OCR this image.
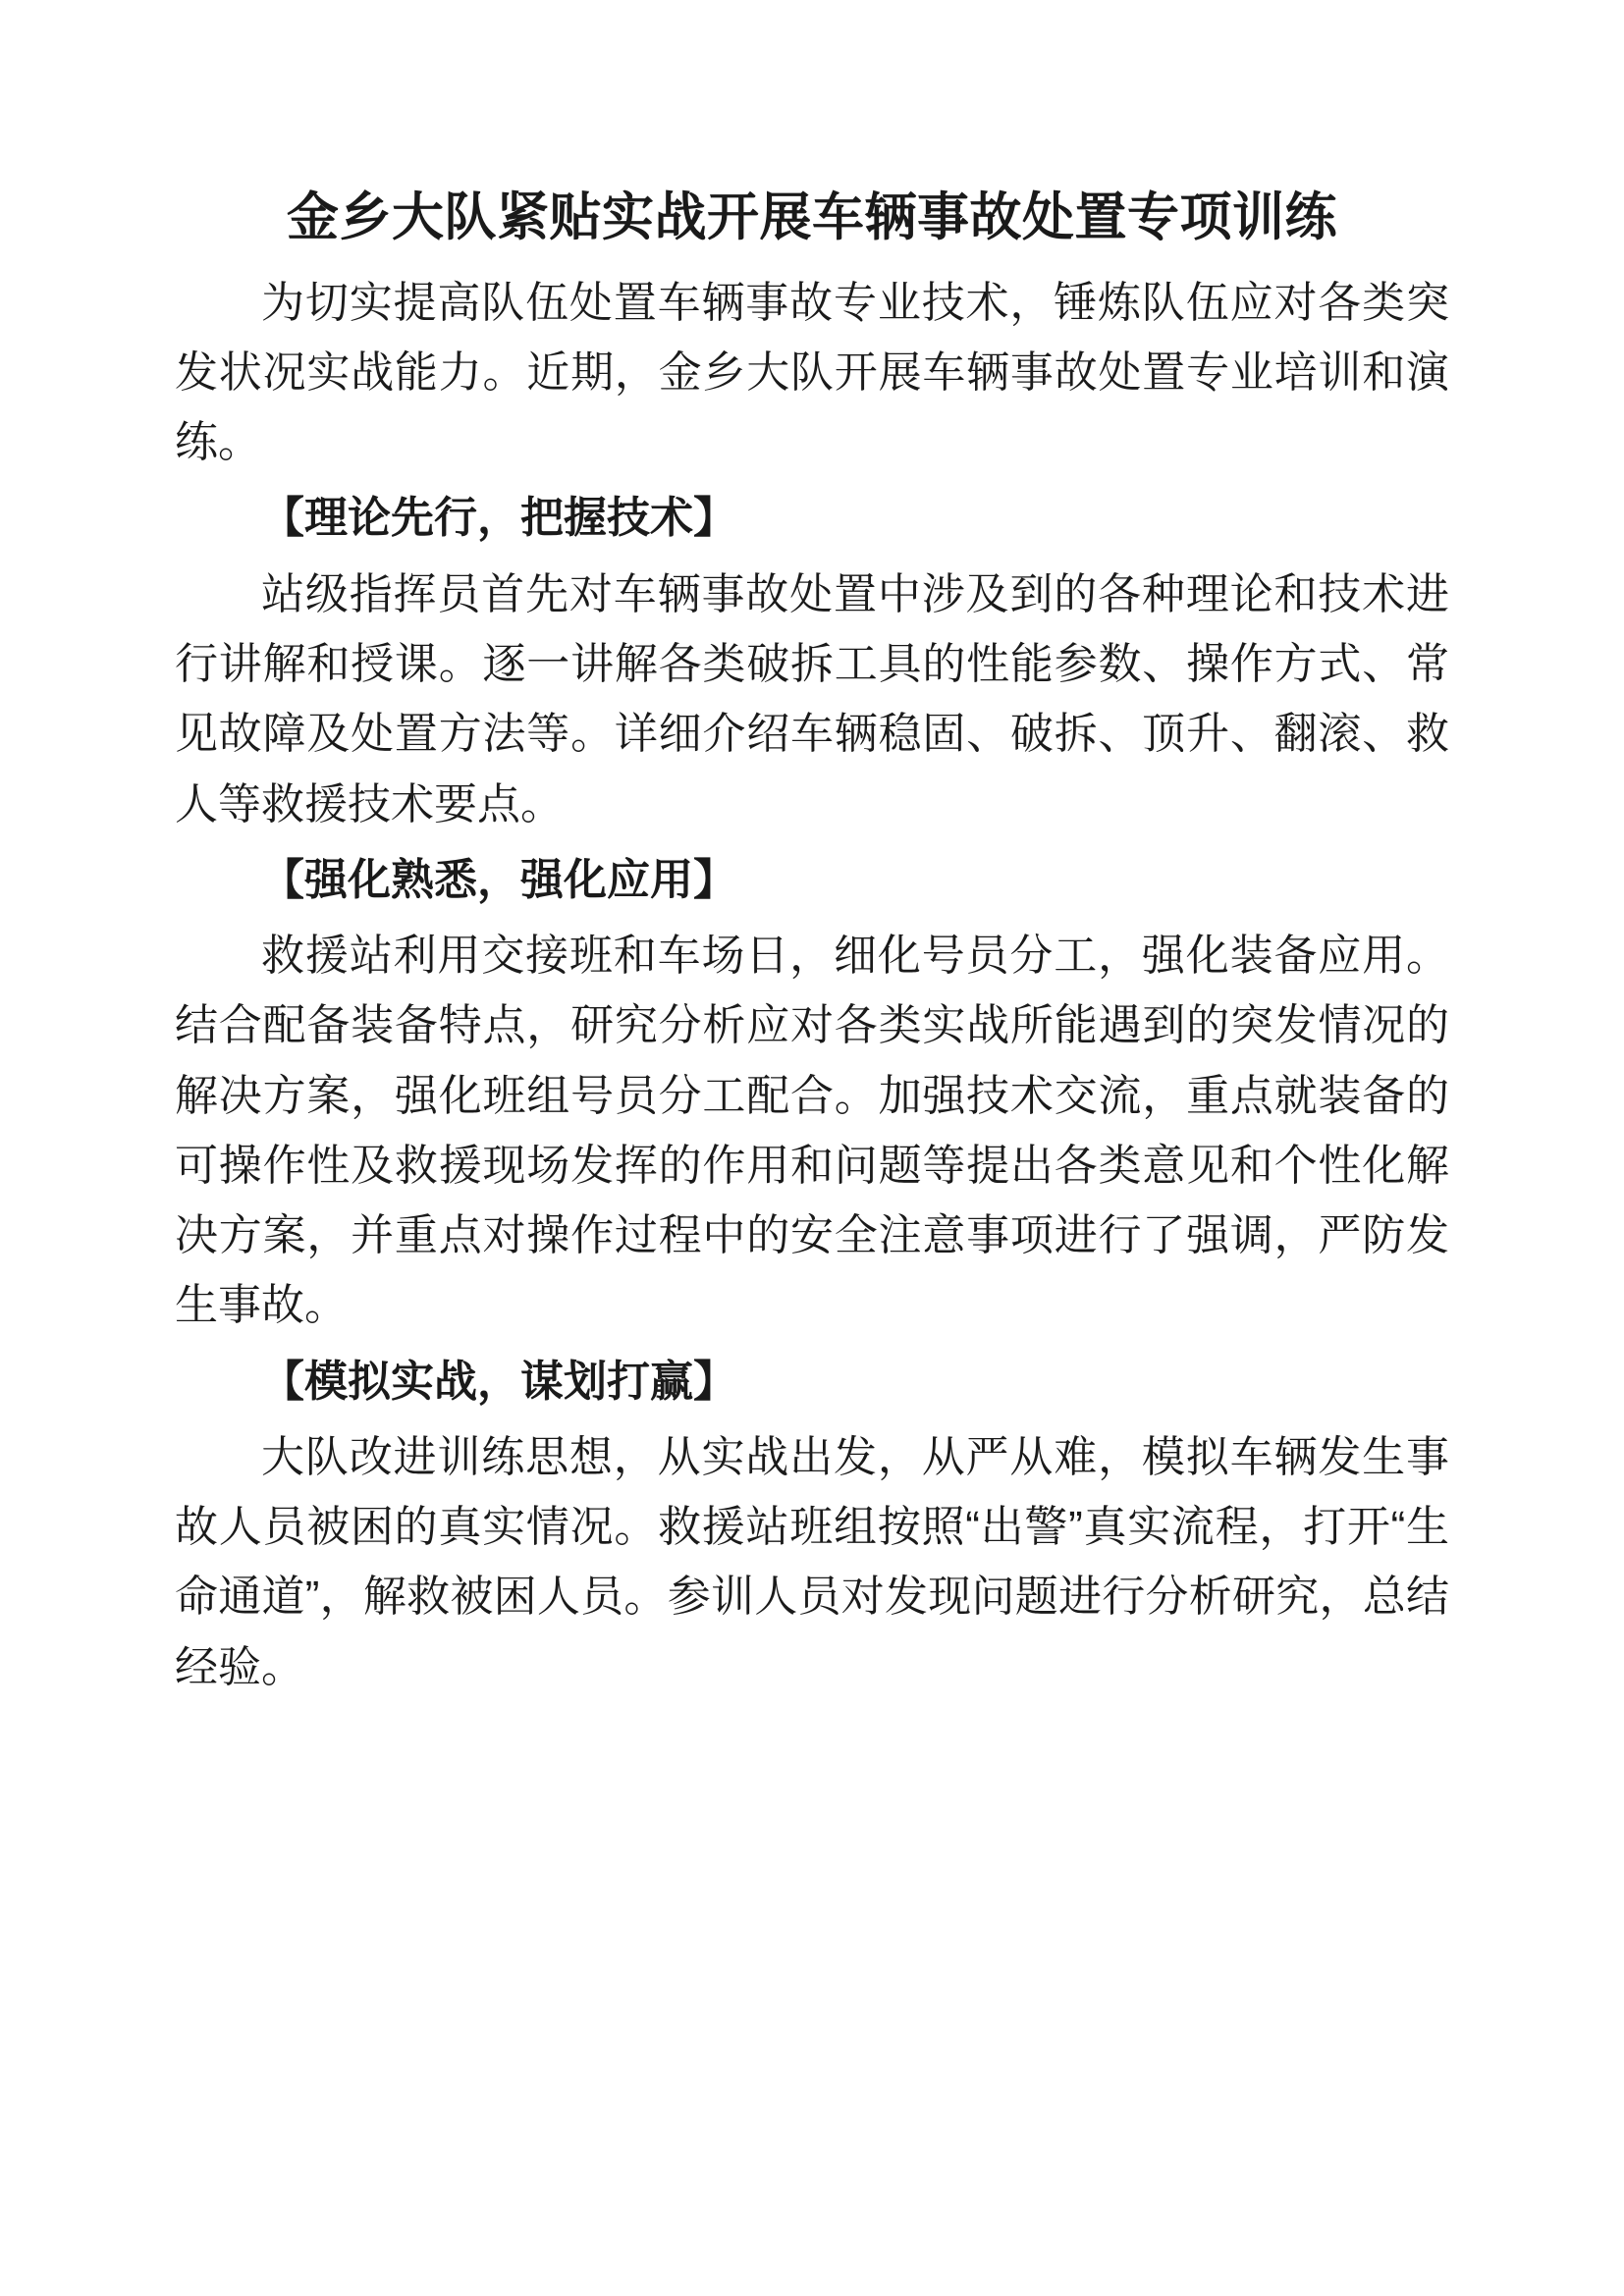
金乡大队紧贴实战开展车辆事故处置专项训练

为切实提高队伍处置车辆事故专业技术，锤炼队伍应对各类突发状况实战能力。近期，金乡大队开展车辆事故处置专业培训和演练。

【理论先行，把握技术】

站级指挥员首先对车辆事故处置中涉及到的各种理论和技术进行讲解和授课。逐一讲解各类破拆工具的性能参数、操作方式、常见故障及处置方法等。详细介绍车辆稳固、破拆、顶升、翻滚、救人等救援技术要点。

【强化熟悉，强化应用】

救援站利用交接班和车场日，细化号员分工，强化装备应用。结合配备装备特点，研究分析应对各类实战所能遇到的突发情况的解决方案，强化班组号员分工配合。加强技术交流，重点就装备的可操作性及救援现场发挥的作用和问题等提出各类意见和个性化解决方案，并重点对操作过程中的安全注意事项进行了强调，严防发生事故。

【模拟实战，谋划打赢】

大队改进训练思想，从实战出发，从严从难，模拟车辆发生事故人员被困的真实情况。救援站班组按照“出警”真实流程，打开“生命通道”，解救被困人员。参训人员对发现问题进行分析研究，总结经验。
